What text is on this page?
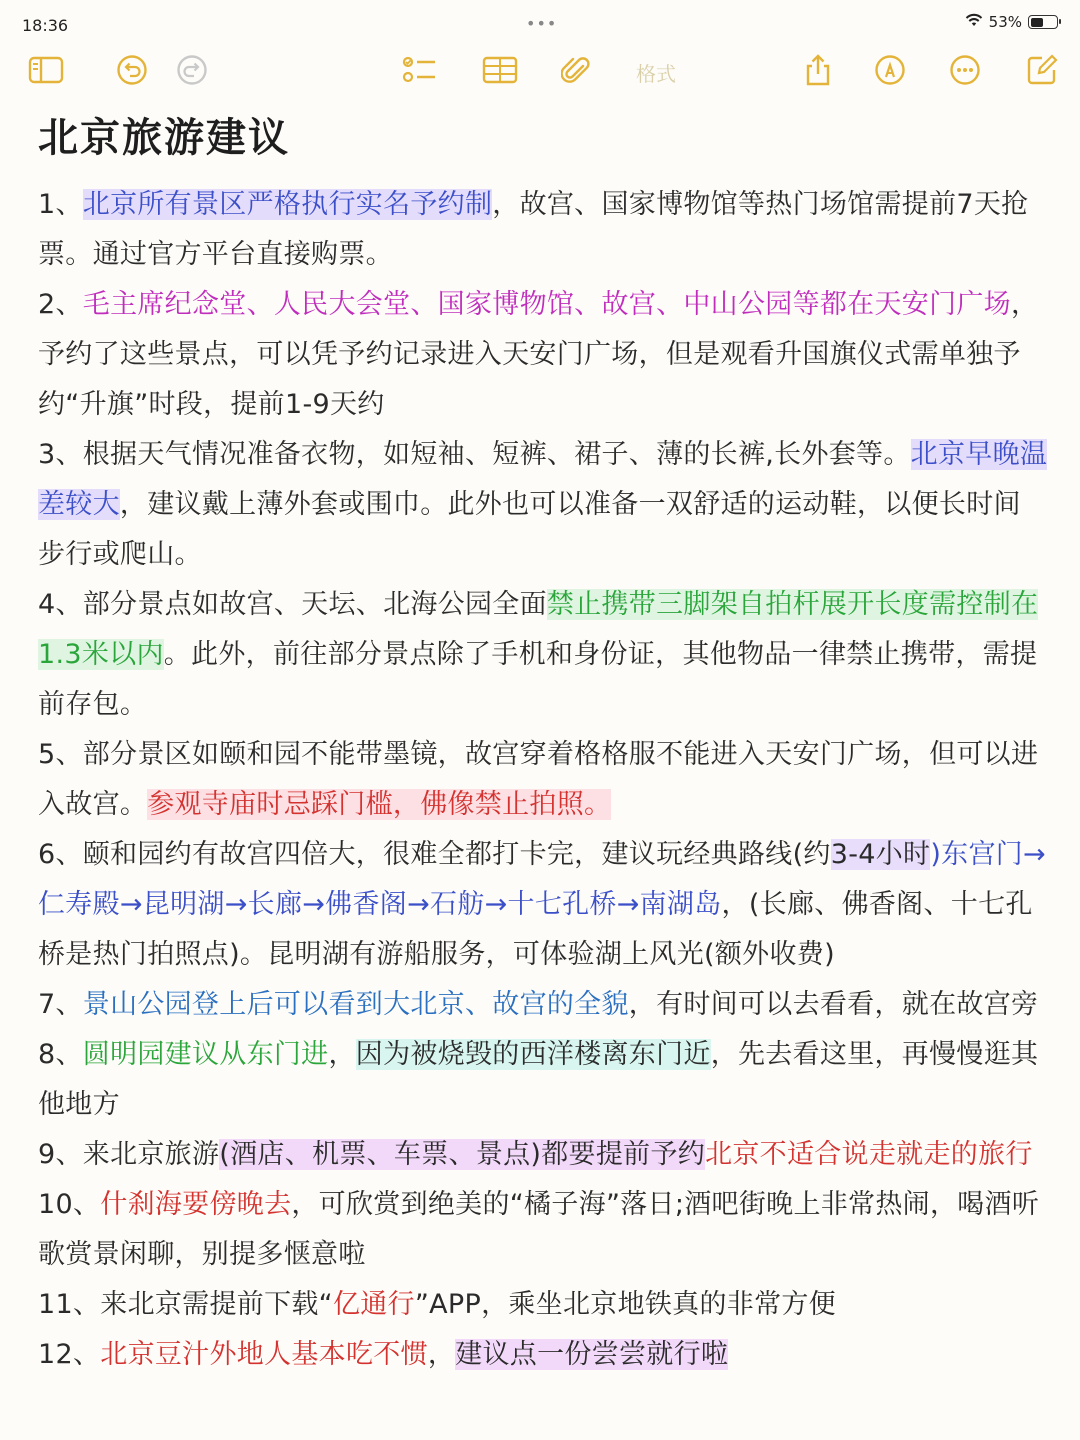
18:36	•••	53%
格式
北京旅游建议

1、北京所有景区严格执行实名予约制，故宫、国家博物馆等热门场馆需提前7天抢票。通过官方平台直接购票。

2、毛主席纪念堂、人民大会堂、国家博物馆、故宫、中山公园等都在天安门广场，予约了这些景点，可以凭予约记录进入天安门广场，但是观看升国旗仪式需单独予约“升旗”时段，提前1-9天约

3、根据天气情况准备衣物，如短袖、短裤、裙子、薄的长裤,长外套等。北京早晚温差较大，建议戴上薄外套或围巾。此外也可以准备一双舒适的运动鞋，以便长时间步行或爬山。

4、部分景点如故宫、天坛、北海公园全面禁止携带三脚架自拍杆展开长度需控制在1.3米以内。此外，前往部分景点除了手机和身份证，其他物品一律禁止携带，需提前存包。

5、部分景区如颐和园不能带墨镜，故宫穿着格格服不能进入天安门广场，但可以进入故宫。参观寺庙时忌踩门槛，佛像禁止拍照。

6、颐和园约有故宫四倍大，很难全都打卡完，建议玩经典路线(约3-4小时)东宫门→仁寿殿→昆明湖→长廊→佛香阁→石舫→十七孔桥→南湖岛，(长廊、佛香阁、十七孔桥是热门拍照点)。昆明湖有游船服务，可体验湖上风光(额外收费)

7、景山公园登上后可以看到大北京、故宫的全貌，有时间可以去看看，就在故宫旁

8、圆明园建议从东门进，因为被烧毁的西洋楼离东门近，先去看这里，再慢慢逛其他地方

9、来北京旅游(酒店、机票、车票、景点)都要提前予约北京不适合说走就走的旅行

10、什刹海要傍晚去，可欣赏到绝美的“橘子海”落日;酒吧街晚上非常热闹，喝酒听歌赏景闲聊，别提多惬意啦

11、来北京需提前下载“亿通行”APP，乘坐北京地铁真的非常方便

12、北京豆汁外地人基本吃不惯，建议点一份尝尝就行啦
